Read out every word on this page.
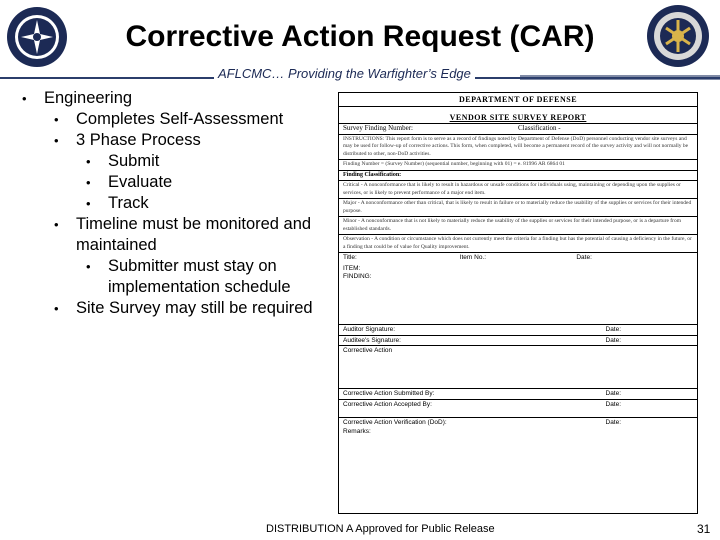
Corrective Action Request (CAR)
AFLCMC… Providing the Warfighter’s Edge
• Engineering
• Completes Self-Assessment
• 3 Phase Process
• Submit
• Evaluate
• Track
• Timeline must be monitored and maintained
• Submitter must stay on implementation schedule
• Site Survey may still be required
DEPARTMENT OF DEFENSE
VENDOR SITE SURVEY REPORT
Survey Finding Number:	Classification -
INSTRUCTIONS: This report form is to serve as a record of findings noted by Department of Defense (DoD) personnel conducting vendor site surveys and may be used for follow-up of corrective actions. This form, when completed, will become a permanent record of the survey activity and will not normally be distributed to other, non-DoD activities.
Finding Number = (Survey Number) (sequential number, beginning with 01) = e. 81996 AR 6864 01
Finding Classification:
Critical - A nonconformance that is likely to result in hazardous or unsafe conditions for individuals using, maintaining or depending upon the supplies or services, or is likely to prevent performance of a major end item.
Major - A nonconformance other than critical, that is likely to result in failure or to materially reduce the usability of the supplies or services for their intended purpose.
Minor - A nonconformance that is not likely to materially reduce the usability of the supplies or services for their intended purpose, or is a departure from established standards.
Observation - A condition or circumstance which does not currently meet the criteria for a finding but has the potential of causing a deficiency in the future, or a finding that could be of value for Quality improvement.
Title:	Item No.:	Date:
ITEM:
FINDING:
Auditor Signature:	Date:
Auditee's Signature:	Date:
Corrective Action
Corrective Action Submitted By:	Date:
Corrective Action Accepted By:	Date:
Corrective Action Verification (DoD):	Date:
Remarks:
DISTRIBUTION A Approved for Public Release	31
